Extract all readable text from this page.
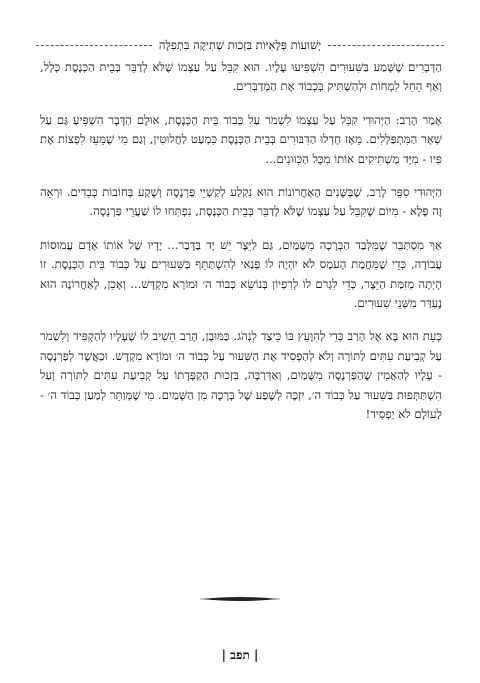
יְשׁוּעוֹת פְּלָאִיּוֹת בִּזְכוּת שְׁתִיקָה בִּתְפִלָּה

הַדְּבָרִים שֶׁשָּׁמַע בַּשִּׁעוּרִים הִשְׁפִּיעוּ עָלָיו. הוּא קִבֵּל עַל עַצְמוֹ שֶׁלֹּא לְדַבֵּר בְּבֵית הַכְּנֶסֶת כְּלָל, וְאַף הֵחֵל לִמְחוֹת וּלְהַשְׁתִּיק בְּכָבוֹד אֶת הַמְדַבְּרִים.

אָמַר הָרַב: הַיְּהוּדִי קִבֵּל עַל עַצְמוֹ לִשְׁמֹר עַל כְּבוֹד בֵּית הַכְּנֶסֶת, אוּלָם הַדָּבָר הִשְׁפִּיעַ גַּם עַל שְׁאָר הַמִּתְפַּלְּלִים. מֵאָז חָדְלוּ הַדִּבּוּרִים בְּבֵית הַכְּנֶסֶת כִּמְעַט לַחֲלוּטִין, וְגַם מִי שֶׁמֵּעֵז לִפְצוֹת אֶת פִּיו - מִיָּד מַשְׁתִּיקִים אוֹתוֹ מִכָּל הַכִּוּוּנִים...

הַיְּהוּדִי סִפֵּר לָרַב, שֶׁבַּשָּׁנִים הָאַחֲרוֹנוֹת הוּא נִקְלַע לְקַשְׁיֵי פַּרְנָסָה וְשָׁקַע בְּחוֹבוֹת כְּבֵדִים. וּרְאֵה זֶה פֶּלֶא - מִיּוֹם שֶׁקִּבֵּל עַל עַצְמוֹ שֶׁלֹּא לְדַבֵּר בְּבֵית הַכְּנֶסֶת, נִפְתְּחוּ לוֹ שַׁעֲרֵי פַּרְנָסָה.

אַךְ מִסְתַּבֵּר שֶׁמִּלְּבַד הַבְּרָכָה מִשָּׁמַיִם, גַּם לַיֵּצֶר יֵשׁ יָד בַּדָּבָר... יָדָיו שֶׁל אוֹתוֹ אָדָם עֲמוּסוֹת עֲבוֹדָה, כְּדֵי שֶׁמֵּחֲמַת הָעֹמֶס לֹא יִהְיֶה לוֹ פְּנַאי לְהִשְׁתַּתֵּף בַּשִּׁעוּרִים עַל כְּבוֹד בֵּית הַכְּנֶסֶת. זוֹ הָיְתָה מְזִמַּת הַיֵּצֶר, כְּדֵי לִגְרֹם לוֹ לְרִפְיוֹן בְּנוֹשֵׂא כְּבוֹד ה׳ וּמוֹרָא מִקְדָּשׁ... וְאָכֵן, לָאַחֲרוֹנָה הוּא נֶעְדַּר מִשְּׁנֵי שִׁעוּרִים.

כָּעֵת הוּא בָּא אֶל הָרַב כְּדֵי לְהִוָּעֵץ בּוֹ כֵּיצַד לִנְהֹג. כַּמּוּבָן, הָרַב הֵשִׁיב לוֹ שֶׁעָלָיו לְהַקְפִּיד וְלִשְׁמֹר עַל קְבִיעַת עִתִּים לַתּוֹרָה וְלֹא לְהַפְסִיד אֶת הַשִּׁעוּר עַל כְּבוֹד ה׳ וּמוֹרָא מִקְדָּשׁ. וּכַאֲשֶׁר לְפַרְנָסָה - עָלָיו לְהַאֲמִין שֶׁהַפַּרְנָסָה מִשָּׁמַיִם, וְאַדְּרַבָּה, בִּזְכוּת הַקְפָּדָתוֹ עַל קְבִיעַת עִתִּים לַתּוֹרָה וְעַל הִשְׁתַּתְּפוּת בַּשִּׁעוּר עַל כְּבוֹד ה׳, יִזְכֶּה לְשֶׁפַע שֶׁל בְּרָכָה מִן הַשָּׁמַיִם. מִי שֶׁמְּוַתֵּר לְמַעַן כְּבוֹד ה׳ - לְעוֹלָם לֹא יַפְסִיד!

| תפב |
